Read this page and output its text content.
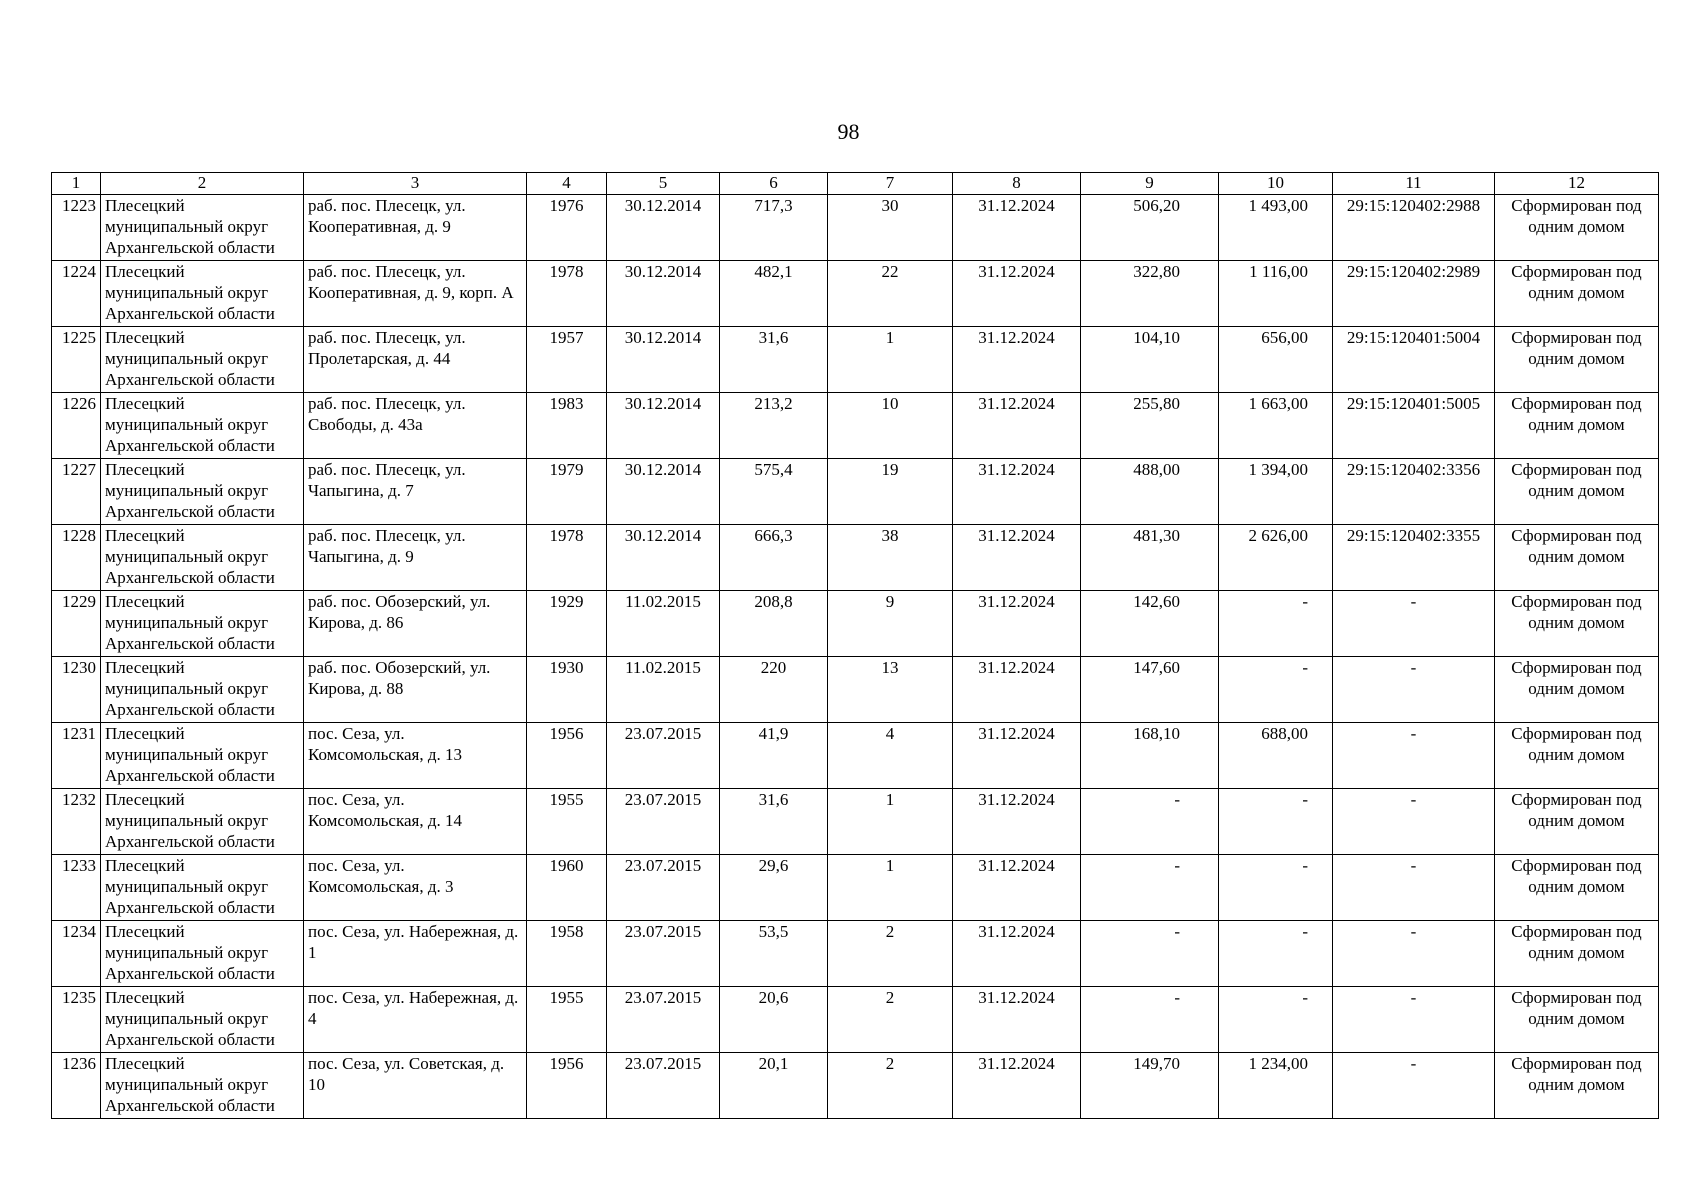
98
1	2	3	4	5	6	7	8	9	10	11	12
1223	Плесецкий муниципальный округ Архангельской области	раб. пос. Плесецк, ул. Кооперативная, д. 9	1976	30.12.2014	717,3	30	31.12.2024	506,20	1 493,00	29:15:120402:2988	Сформирован под одним домом
1224	Плесецкий муниципальный округ Архангельской области	раб. пос. Плесецк, ул. Кооперативная, д. 9, корп. А	1978	30.12.2014	482,1	22	31.12.2024	322,80	1 116,00	29:15:120402:2989	Сформирован под одним домом
1225	Плесецкий муниципальный округ Архангельской области	раб. пос. Плесецк, ул. Пролетарская, д. 44	1957	30.12.2014	31,6	1	31.12.2024	104,10	656,00	29:15:120401:5004	Сформирован под одним домом
1226	Плесецкий муниципальный округ Архангельской области	раб. пос. Плесецк, ул. Свободы, д. 43а	1983	30.12.2014	213,2	10	31.12.2024	255,80	1 663,00	29:15:120401:5005	Сформирован под одним домом
1227	Плесецкий муниципальный округ Архангельской области	раб. пос. Плесецк, ул. Чапыгина, д. 7	1979	30.12.2014	575,4	19	31.12.2024	488,00	1 394,00	29:15:120402:3356	Сформирован под одним домом
1228	Плесецкий муниципальный округ Архангельской области	раб. пос. Плесецк, ул. Чапыгина, д. 9	1978	30.12.2014	666,3	38	31.12.2024	481,30	2 626,00	29:15:120402:3355	Сформирован под одним домом
1229	Плесецкий муниципальный округ Архангельской области	раб. пос. Обозерский, ул. Кирова, д. 86	1929	11.02.2015	208,8	9	31.12.2024	142,60	-	-	Сформирован под одним домом
1230	Плесецкий муниципальный округ Архангельской области	раб. пос. Обозерский, ул. Кирова, д. 88	1930	11.02.2015	220	13	31.12.2024	147,60	-	-	Сформирован под одним домом
1231	Плесецкий муниципальный округ Архангельской области	пос. Сеза, ул. Комсомольская, д. 13	1956	23.07.2015	41,9	4	31.12.2024	168,10	688,00	-	Сформирован под одним домом
1232	Плесецкий муниципальный округ Архангельской области	пос. Сеза, ул. Комсомольская, д. 14	1955	23.07.2015	31,6	1	31.12.2024	-	-	-	Сформирован под одним домом
1233	Плесецкий муниципальный округ Архангельской области	пос. Сеза, ул. Комсомольская, д. 3	1960	23.07.2015	29,6	1	31.12.2024	-	-	-	Сформирован под одним домом
1234	Плесецкий муниципальный округ Архангельской области	пос. Сеза, ул. Набережная, д. 1	1958	23.07.2015	53,5	2	31.12.2024	-	-	-	Сформирован под одним домом
1235	Плесецкий муниципальный округ Архангельской области	пос. Сеза, ул. Набережная, д. 4	1955	23.07.2015	20,6	2	31.12.2024	-	-	-	Сформирован под одним домом
1236	Плесецкий муниципальный округ Архангельской области	пос. Сеза, ул. Советская, д. 10	1956	23.07.2015	20,1	2	31.12.2024	149,70	1 234,00	-	Сформирован под одним домом
